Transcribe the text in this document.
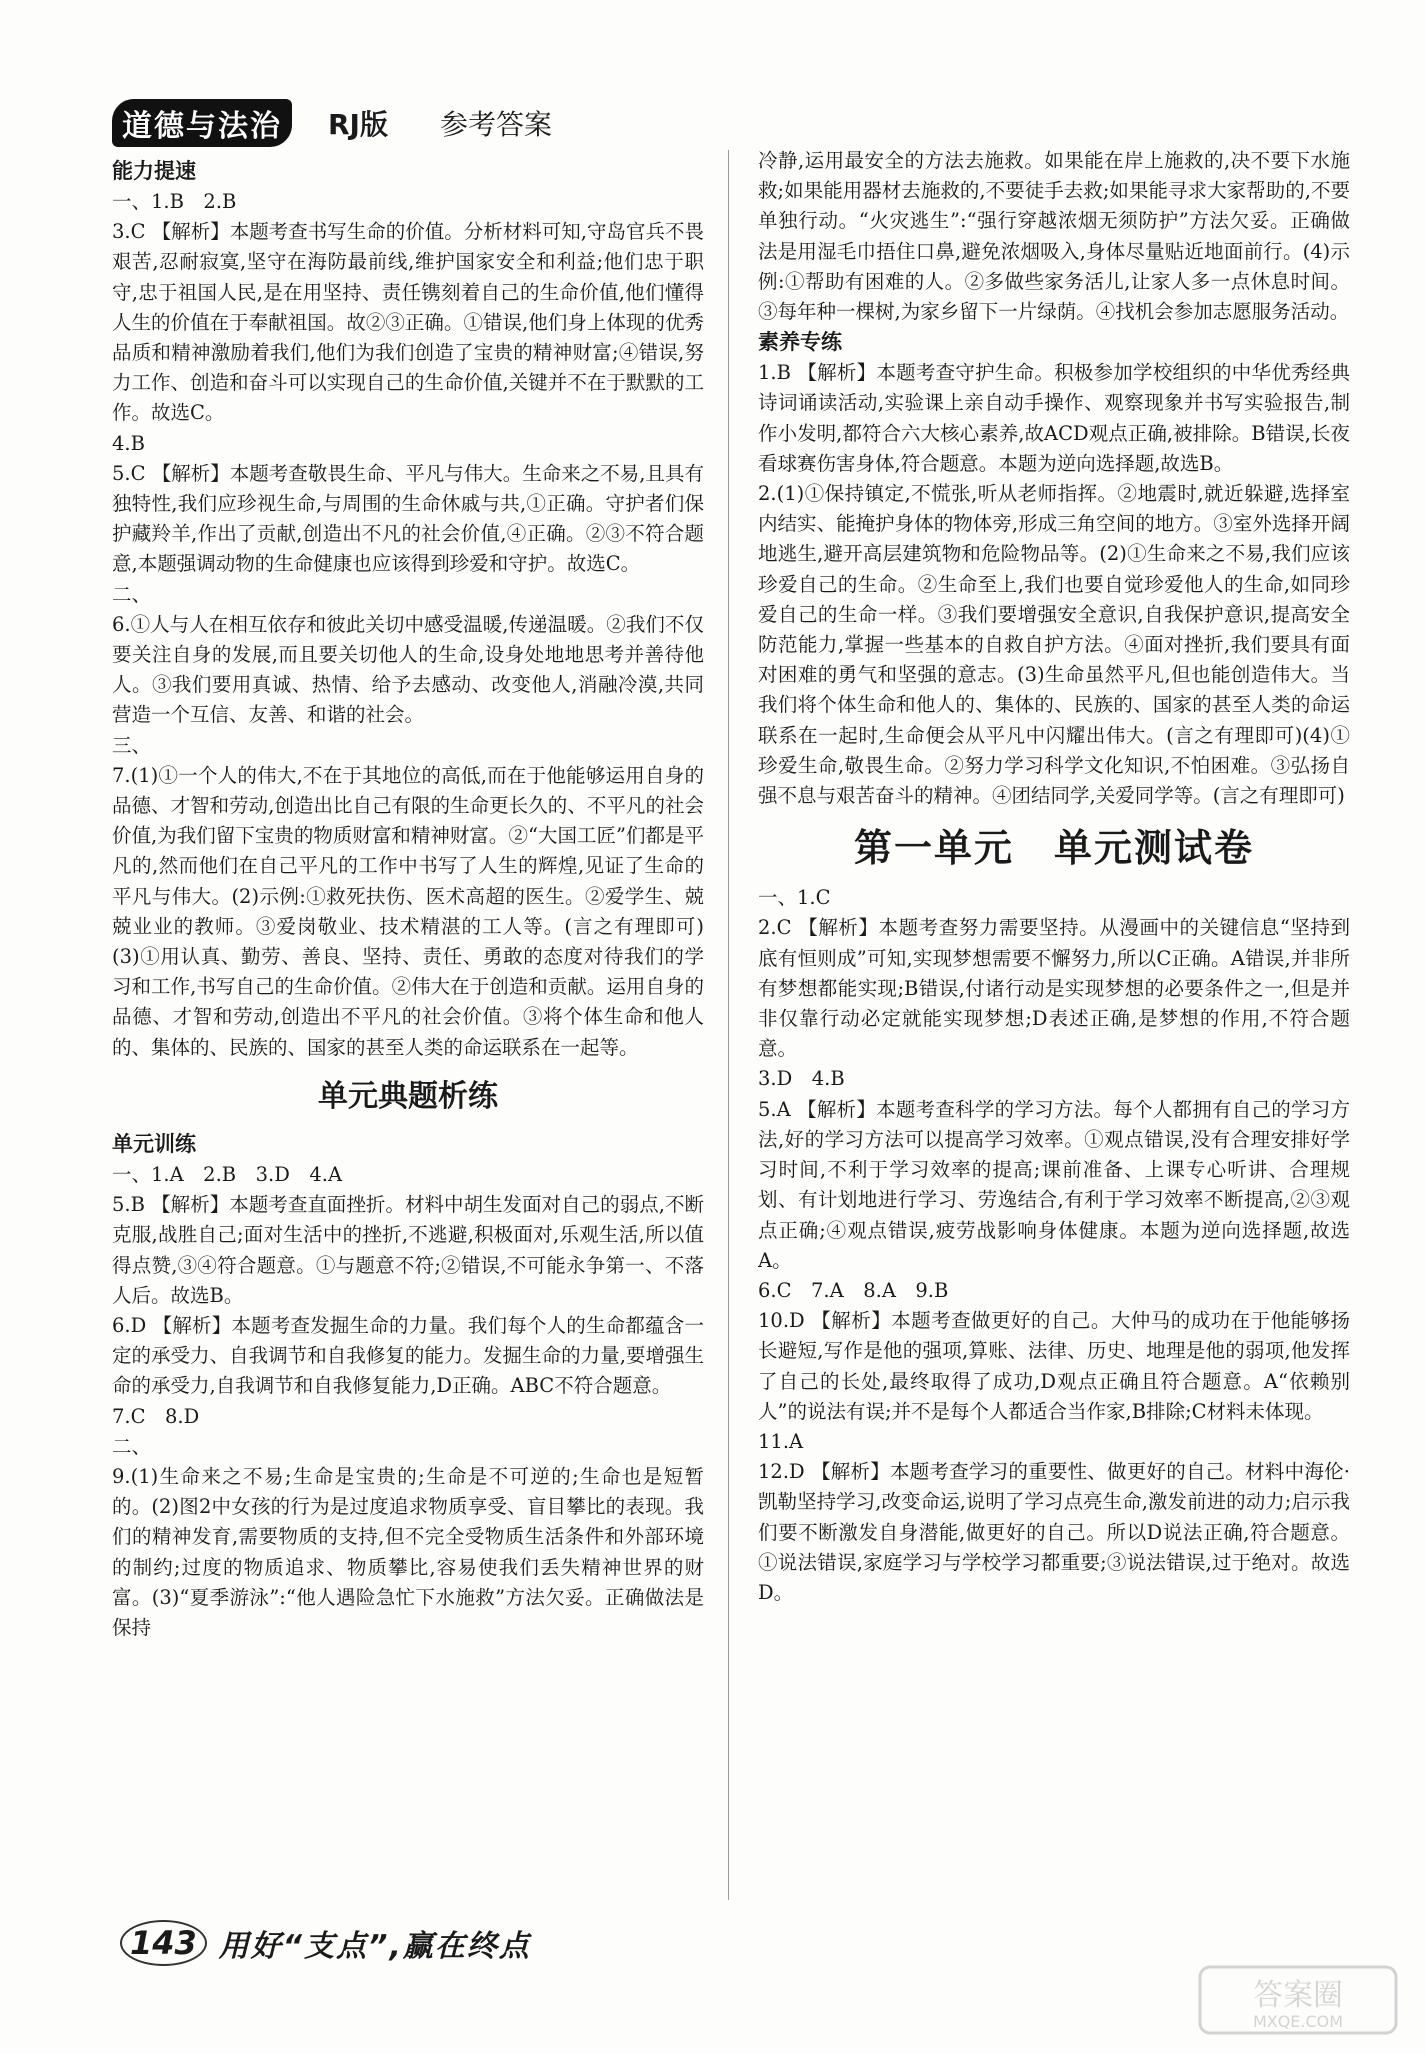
道德与法治	RJ版 参考答案

能力提速

一、1.B　2.B

3.C 【解析】本题考查书写生命的价值。分析材料可知,守岛官兵不畏艰苦,忍耐寂寞,坚守在海防最前线,维护国家安全和利益;他们忠于职守,忠于祖国人民,是在用坚持、责任镌刻着自己的生命价值,他们懂得人生的价值在于奉献祖国。故②③正确。①错误,他们身上体现的优秀品质和精神激励着我们,他们为我们创造了宝贵的精神财富;④错误,努力工作、创造和奋斗可以实现自己的生命价值,关键并不在于默默的工作。故选C。

4.B

5.C 【解析】本题考查敬畏生命、平凡与伟大。生命来之不易,且具有独特性,我们应珍视生命,与周围的生命休戚与共,①正确。守护者们保护藏羚羊,作出了贡献,创造出不凡的社会价值,④正确。②③不符合题意,本题强调动物的生命健康也应该得到珍爱和守护。故选C。

二、

6.①人与人在相互依存和彼此关切中感受温暖,传递温暖。②我们不仅要关注自身的发展,而且要关切他人的生命,设身处地地思考并善待他人。③我们要用真诚、热情、给予去感动、改变他人,消融冷漠,共同营造一个互信、友善、和谐的社会。

三、

7.(1)①一个人的伟大,不在于其地位的高低,而在于他能够运用自身的品德、才智和劳动,创造出比自己有限的生命更长久的、不平凡的社会价值,为我们留下宝贵的物质财富和精神财富。②“大国工匠”们都是平凡的,然而他们在自己平凡的工作中书写了人生的辉煌,见证了生命的平凡与伟大。(2)示例:①救死扶伤、医术高超的医生。②爱学生、兢兢业业的教师。③爱岗敬业、技术精湛的工人等。(言之有理即可)(3)①用认真、勤劳、善良、坚持、责任、勇敢的态度对待我们的学习和工作,书写自己的生命价值。②伟大在于创造和贡献。运用自身的品德、才智和劳动,创造出不平凡的社会价值。③将个体生命和他人的、集体的、民族的、国家的甚至人类的命运联系在一起等。

单元典题析练

单元训练

一、1.A　2.B　3.D　4.A

5.B 【解析】本题考查直面挫折。材料中胡生发面对自己的弱点,不断克服,战胜自己;面对生活中的挫折,不逃避,积极面对,乐观生活,所以值得点赞,③④符合题意。①与题意不符;②错误,不可能永争第一、不落人后。故选B。

6.D 【解析】本题考查发掘生命的力量。我们每个人的生命都蕴含一定的承受力、自我调节和自我修复的能力。发掘生命的力量,要增强生命的承受力,自我调节和自我修复能力,D正确。ABC不符合题意。

7.C　8.D

二、

9.(1)生命来之不易;生命是宝贵的;生命是不可逆的;生命也是短暂的。(2)图2中女孩的行为是过度追求物质享受、盲目攀比的表现。我们的精神发育,需要物质的支持,但不完全受物质生活条件和外部环境的制约;过度的物质追求、物质攀比,容易使我们丢失精神世界的财富。(3)“夏季游泳”:“他人遇险急忙下水施救”方法欠妥。正确做法是保持

冷静,运用最安全的方法去施救。如果能在岸上施救的,决不要下水施救;如果能用器材去施救的,不要徒手去救;如果能寻求大家帮助的,不要单独行动。“火灾逃生”:“强行穿越浓烟无须防护”方法欠妥。正确做法是用湿毛巾捂住口鼻,避免浓烟吸入,身体尽量贴近地面前行。(4)示例:①帮助有困难的人。②多做些家务活儿,让家人多一点休息时间。③每年种一棵树,为家乡留下一片绿荫。④找机会参加志愿服务活动。

素养专练

1.B 【解析】本题考查守护生命。积极参加学校组织的中华优秀经典诗词诵读活动,实验课上亲自动手操作、观察现象并书写实验报告,制作小发明,都符合六大核心素养,故ACD观点正确,被排除。B错误,长夜看球赛伤害身体,符合题意。本题为逆向选择题,故选B。

2.(1)①保持镇定,不慌张,听从老师指挥。②地震时,就近躲避,选择室内结实、能掩护身体的物体旁,形成三角空间的地方。③室外选择开阔地逃生,避开高层建筑物和危险物品等。(2)①生命来之不易,我们应该珍爱自己的生命。②生命至上,我们也要自觉珍爱他人的生命,如同珍爱自己的生命一样。③我们要增强安全意识,自我保护意识,提高安全防范能力,掌握一些基本的自救自护方法。④面对挫折,我们要具有面对困难的勇气和坚强的意志。(3)生命虽然平凡,但也能创造伟大。当我们将个体生命和他人的、集体的、民族的、国家的甚至人类的命运联系在一起时,生命便会从平凡中闪耀出伟大。(言之有理即可)(4)①珍爱生命,敬畏生命。②努力学习科学文化知识,不怕困难。③弘扬自强不息与艰苦奋斗的精神。④团结同学,关爱同学等。(言之有理即可)

第一单元　单元测试卷

一、1.C

2.C 【解析】本题考查努力需要坚持。从漫画中的关键信息“坚持到底有恒则成”可知,实现梦想需要不懈努力,所以C正确。A错误,并非所有梦想都能实现;B错误,付诸行动是实现梦想的必要条件之一,但是并非仅靠行动必定就能实现梦想;D表述正确,是梦想的作用,不符合题意。

3.D　4.B

5.A 【解析】本题考查科学的学习方法。每个人都拥有自己的学习方法,好的学习方法可以提高学习效率。①观点错误,没有合理安排好学习时间,不利于学习效率的提高;课前准备、上课专心听讲、合理规划、有计划地进行学习、劳逸结合,有利于学习效率不断提高,②③观点正确;④观点错误,疲劳战影响身体健康。本题为逆向选择题,故选A。

6.C　7.A　8.A　9.B

10.D 【解析】本题考查做更好的自己。大仲马的成功在于他能够扬长避短,写作是他的强项,算账、法律、历史、地理是他的弱项,他发挥了自己的长处,最终取得了成功,D观点正确且符合题意。A“依赖别人”的说法有误;并不是每个人都适合当作家,B排除;C材料未体现。

11.A

12.D 【解析】本题考查学习的重要性、做更好的自己。材料中海伦·凯勒坚持学习,改变命运,说明了学习点亮生命,激发前进的动力;启示我们要不断激发自身潜能,做更好的自己。所以D说法正确,符合题意。①说法错误,家庭学习与学校学习都重要;③说法错误,过于绝对。故选D。

143 用好“支点”,赢在终点
答案圈
MXQE.COM
